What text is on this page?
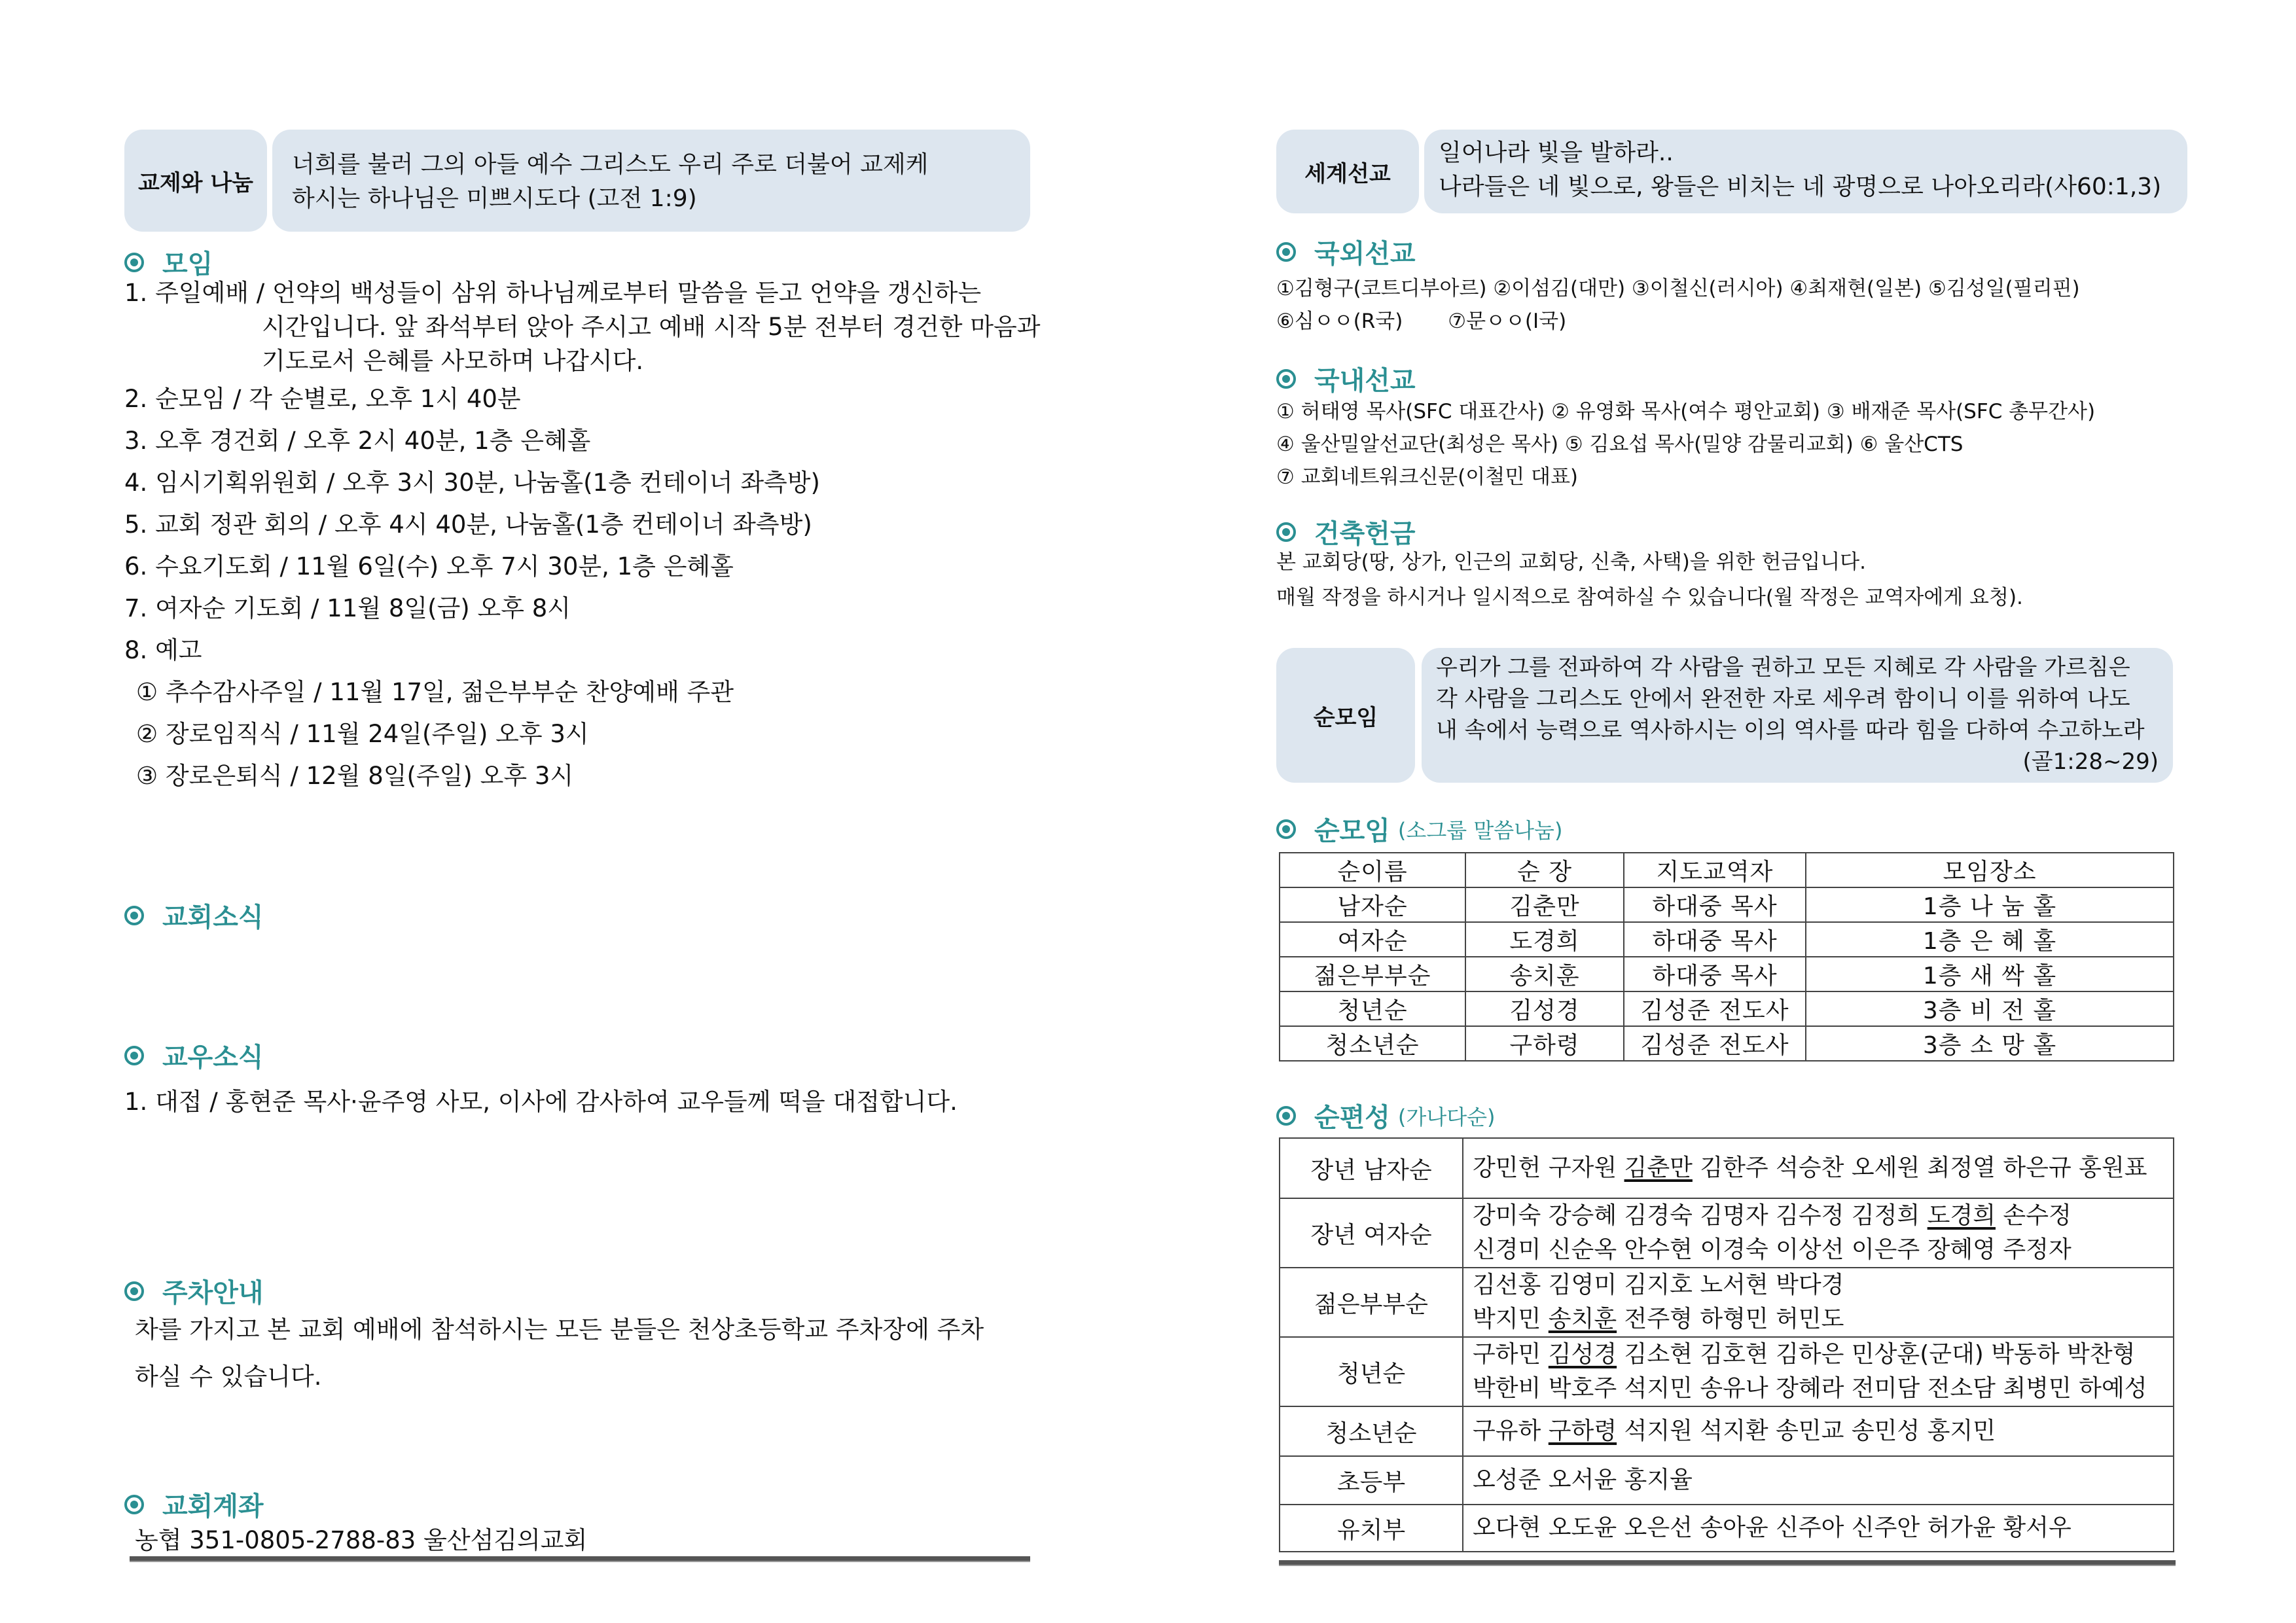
교제와 나눔
너희를 불러 그의 아들 예수 그리스도 우리 주로 더불어 교제케
하시는 하나님은 미쁘시도다 (고전 1:9)
모임
1. 주일예배 / 언약의 백성들이 삼위 하나님께로부터 말씀을 듣고 언약을 갱신하는
시간입니다. 앞 좌석부터 앉아 주시고 예배 시작 5분 전부터 경건한 마음과
기도로서 은혜를 사모하며 나갑시다.
2. 순모임 / 각 순별로, 오후 1시 40분
3. 오후 경건회 / 오후 2시 40분, 1층 은혜홀
4. 임시기획위원회 / 오후 3시 30분, 나눔홀(1층 컨테이너 좌측방)
5. 교회 정관 회의 / 오후 4시 40분, 나눔홀(1층 컨테이너 좌측방)
6. 수요기도회 / 11월 6일(수) 오후 7시 30분, 1층 은혜홀
7. 여자순 기도회 / 11월 8일(금) 오후 8시
8. 예고
① 추수감사주일 / 11월 17일, 젊은부부순 찬양예배 주관
② 장로임직식 / 11월 24일(주일) 오후 3시
③ 장로은퇴식 / 12월 8일(주일) 오후 3시
교회소식
교우소식
1. 대접 / 홍현준 목사·윤주영 사모, 이사에 감사하여 교우들께 떡을 대접합니다.
주차안내
차를 가지고 본 교회 예배에 참석하시는 모든 분들은 천상초등학교 주차장에 주차
하실 수 있습니다.
교회계좌
농협 351-0805-2788-83 울산섬김의교회
세계선교
일어나라 빛을 발하라..
나라들은 네 빛으로, 왕들은 비치는 네 광명으로 나아오리라(사60:1,3)
국외선교
①김형구(코트디부아르) ②이섬김(대만) ③이철신(러시아) ④최재현(일본) ⑤김성일(필리핀)
⑥심ㅇㅇ(R국)       ⑦문ㅇㅇ(I국)
국내선교
① 허태영 목사(SFC 대표간사) ② 유영화 목사(여수 평안교회) ③ 배재준 목사(SFC 총무간사)
④ 울산밀알선교단(최성은 목사) ⑤ 김요섭 목사(밀양 감물리교회) ⑥ 울산CTS
⑦ 교회네트워크신문(이철민 대표)
건축헌금
본 교회당(땅, 상가, 인근의 교회당, 신축, 사택)을 위한 헌금입니다.
매월 작정을 하시거나 일시적으로 참여하실 수 있습니다(월 작정은 교역자에게 요청).
순모임
우리가 그를 전파하여 각 사람을 권하고 모든 지혜로 각 사람을 가르침은
각 사람을 그리스도 안에서 완전한 자로 세우려 함이니 이를 위하여 나도
내 속에서 능력으로 역사하시는 이의 역사를 따라 힘을 다하여 수고하노라
(골1:28~29)
순모임 (소그룹 말씀나눔)
순이름	순 장	지도교역자	모임장소
남자순	김춘만	하대중 목사	1층 나 눔 홀
여자순	도경희	하대중 목사	1층 은 혜 홀
젊은부부순	송치훈	하대중 목사	1층 새 싹 홀
청년순	김성경	김성준 전도사	3층 비 전 홀
청소년순	구하령	김성준 전도사	3층 소 망 홀
순편성 (가나다순)
장년 남자순	강민헌 구자원 김춘만 김한주 석승찬 오세원 최정열 하은규 홍원표

장년 여자순	강미숙 강승혜 김경숙 김명자 김수정 김정희 도경희 손수정
신경미 신순옥 안수현 이경숙 이상선 이은주 장혜영 주정자

젊은부부순	김선홍 김영미 김지호 노서현 박다경
박지민 송치훈 전주형 하형민 허민도

청년순	구하민 김성경 김소현 김호현 김하은 민상훈(군대) 박동하 박찬형
박한비 박호주 석지민 송유나 장혜라 전미담 전소담 최병민 하예성

청소년순	구유하 구하령 석지원 석지환 송민교 송민성 홍지민

초등부	오성준 오서윤 홍지율

유치부	오다현 오도윤 오은선 송아윤 신주아 신주안 허가윤 황서우
